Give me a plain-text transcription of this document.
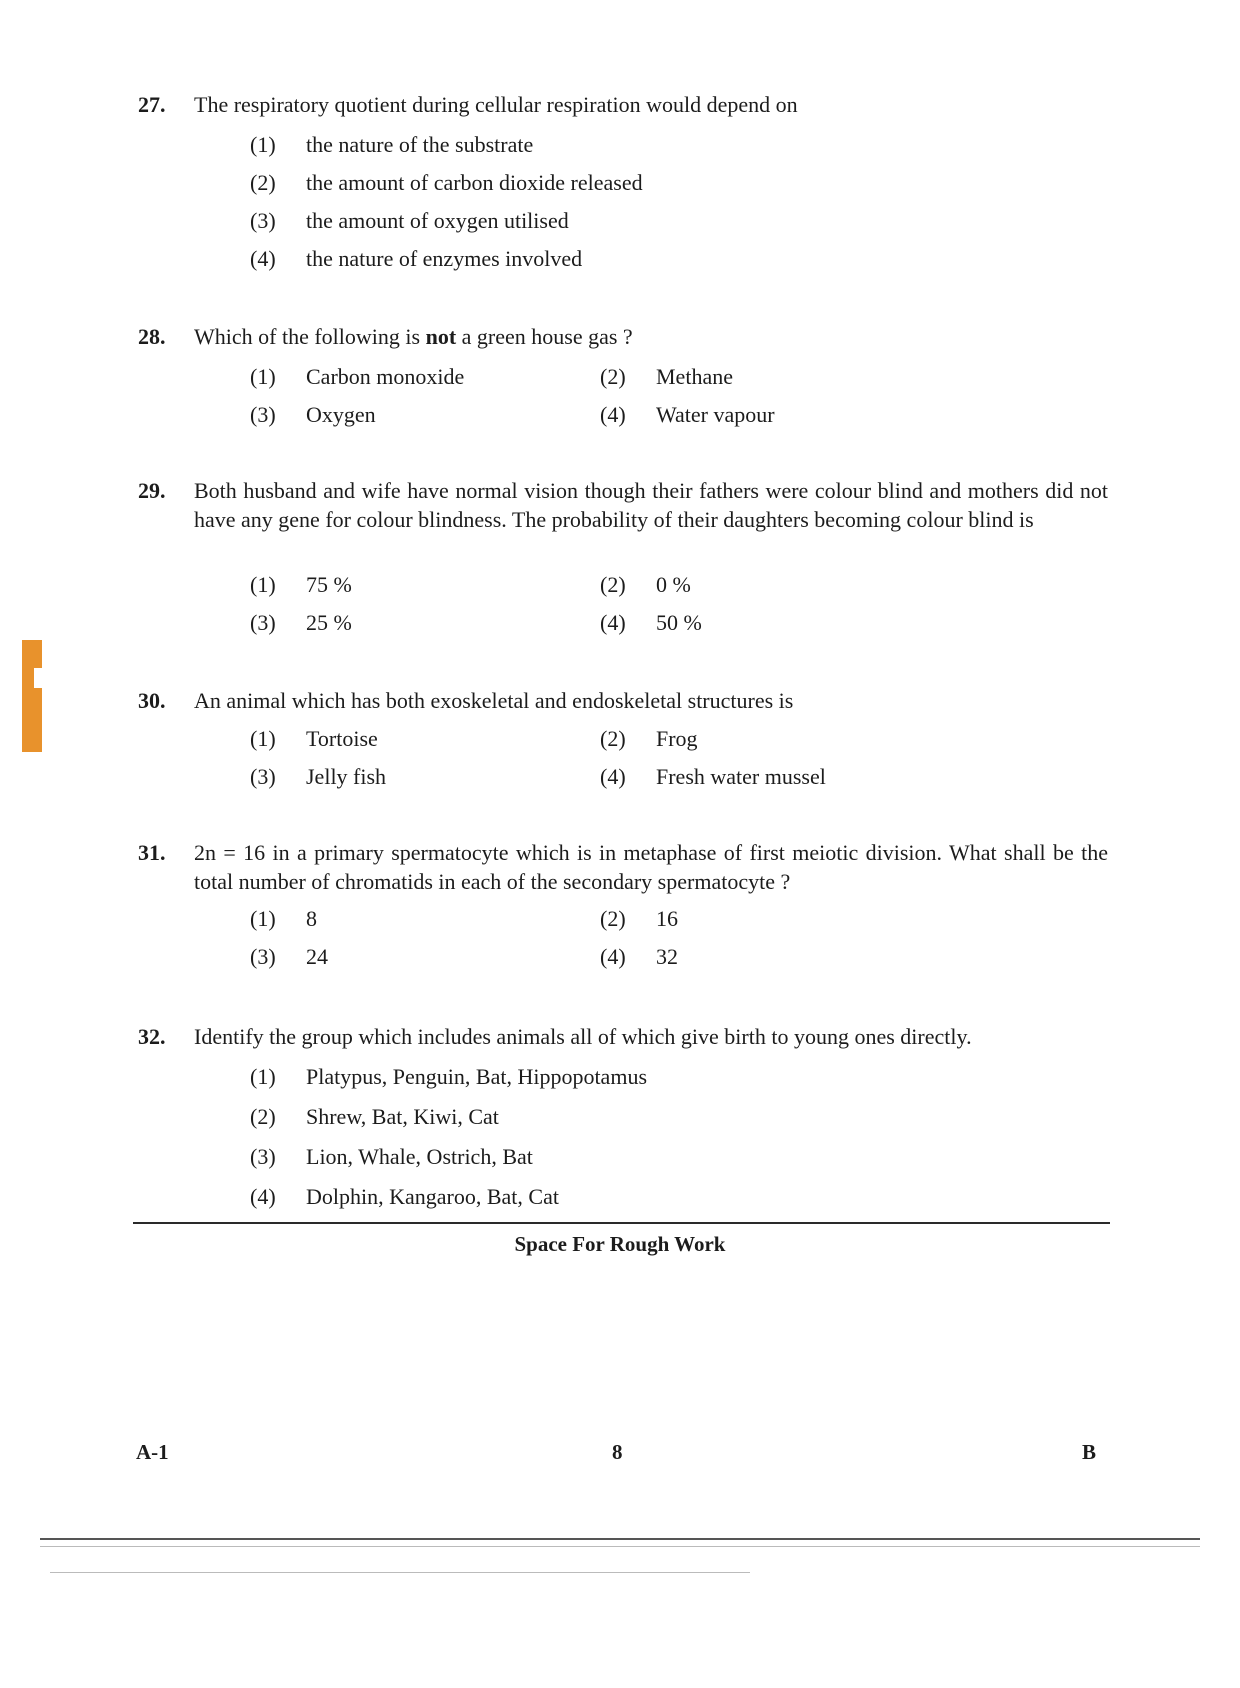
27. The respiratory quotient during cellular respiration would depend on
(1) the nature of the substrate
(2) the amount of carbon dioxide released
(3) the amount of oxygen utilised
(4) the nature of enzymes involved
28. Which of the following is not a green house gas ?
(1) Carbon monoxide	(2) Methane
(3) Oxygen	(4) Water vapour
29. Both husband and wife have normal vision though their fathers were colour blind and mothers did not have any gene for colour blindness. The probability of their daughters becoming colour blind is
(1) 75 %	(2) 0 %
(3) 25 %	(4) 50 %
30. An animal which has both exoskeletal and endoskeletal structures is
(1) Tortoise	(2) Frog
(3) Jelly fish	(4) Fresh water mussel
31. 2n = 16 in a primary spermatocyte which is in metaphase of first meiotic division. What shall be the total number of chromatids in each of the secondary spermatocyte ?
(1) 8	(2) 16
(3) 24	(4) 32
32. Identify the group which includes animals all of which give birth to young ones directly.
(1) Platypus, Penguin, Bat, Hippopotamus
(2) Shrew, Bat, Kiwi, Cat
(3) Lion, Whale, Ostrich, Bat
(4) Dolphin, Kangaroo, Bat, Cat
Space For Rough Work
A-1	8	B
